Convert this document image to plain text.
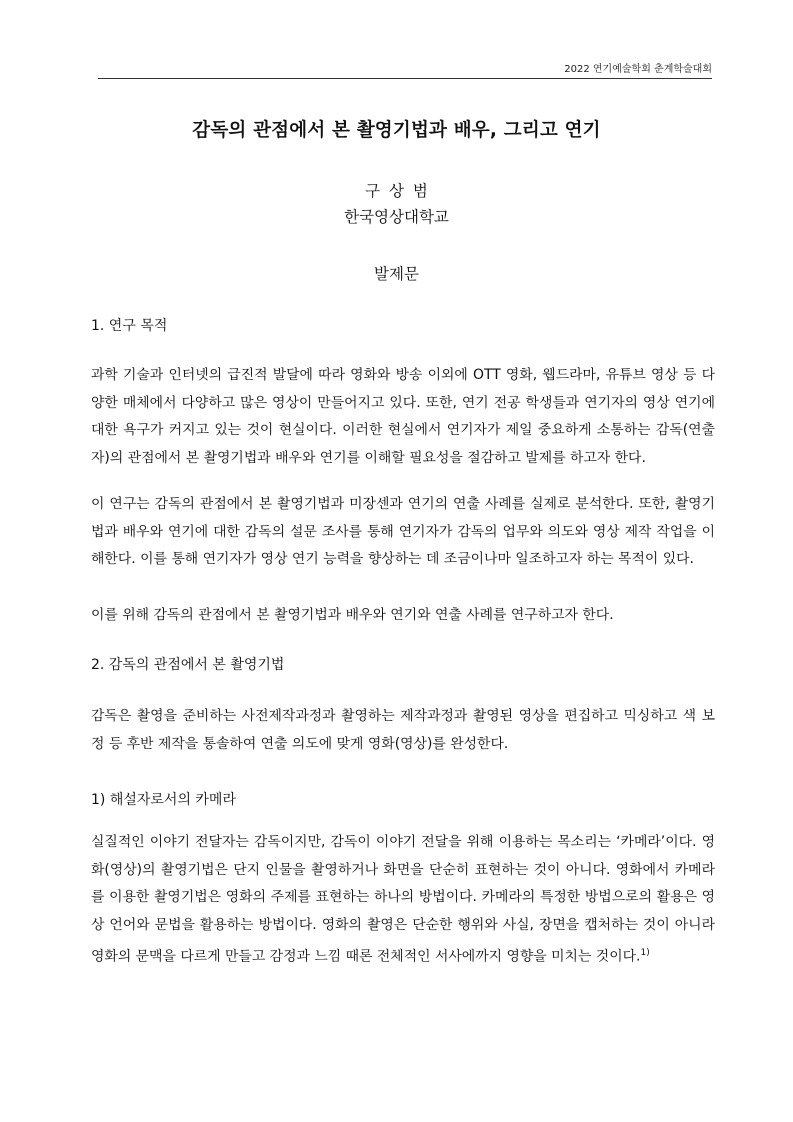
2022 연기예술학회 춘계학술대회
감독의 관점에서 본 촬영기법과 배우, 그리고 연기
구 상 범
한국영상대학교
발제문
1. 연구 목적
과학 기술과 인터넷의 급진적 발달에 따라 영화와 방송 이외에 OTT 영화, 웹드라마, 유튜브 영상 등 다양한 매체에서 다양하고 많은 영상이 만들어지고 있다. 또한, 연기 전공 학생들과 연기자의 영상 연기에 대한 욕구가 커지고 있는 것이 현실이다. 이러한 현실에서 연기자가 제일 중요하게 소통하는 감독(연출자)의 관점에서 본 촬영기법과 배우와 연기를 이해할 필요성을 절감하고 발제를 하고자 한다.
이 연구는 감독의 관점에서 본 촬영기법과 미장센과 연기의 연출 사례를 실제로 분석한다. 또한, 촬영기법과 배우와 연기에 대한 감독의 설문 조사를 통해 연기자가 감독의 업무와 의도와 영상 제작 작업을 이해한다. 이를 통해 연기자가 영상 연기 능력을 향상하는 데 조금이나마 일조하고자 하는 목적이 있다.
이를 위해 감독의 관점에서 본 촬영기법과 배우와 연기와 연출 사례를 연구하고자 한다.
2. 감독의 관점에서 본 촬영기법
감독은 촬영을 준비하는 사전제작과정과 촬영하는 제작과정과 촬영된 영상을 편집하고 믹싱하고 색 보정 등 후반 제작을 통솔하여 연출 의도에 맞게 영화(영상)를 완성한다.
1) 해설자로서의 카메라
실질적인 이야기 전달자는 감독이지만, 감독이 이야기 전달을 위해 이용하는 목소리는 ‘카메라’이다. 영화(영상)의 촬영기법은 단지 인물을 촬영하거나 화면을 단순히 표현하는 것이 아니다. 영화에서 카메라를 이용한 촬영기법은 영화의 주제를 표현하는 하나의 방법이다. 카메라의 특정한 방법으로의 활용은 영상 언어와 문법을 활용하는 방법이다. 영화의 촬영은 단순한 행위와 사실, 장면을 캡처하는 것이 아니라 영화의 문맥을 다르게 만들고 감정과 느낌 때론 전체적인 서사에까지 영향을 미치는 것이다.$^{1)}$
